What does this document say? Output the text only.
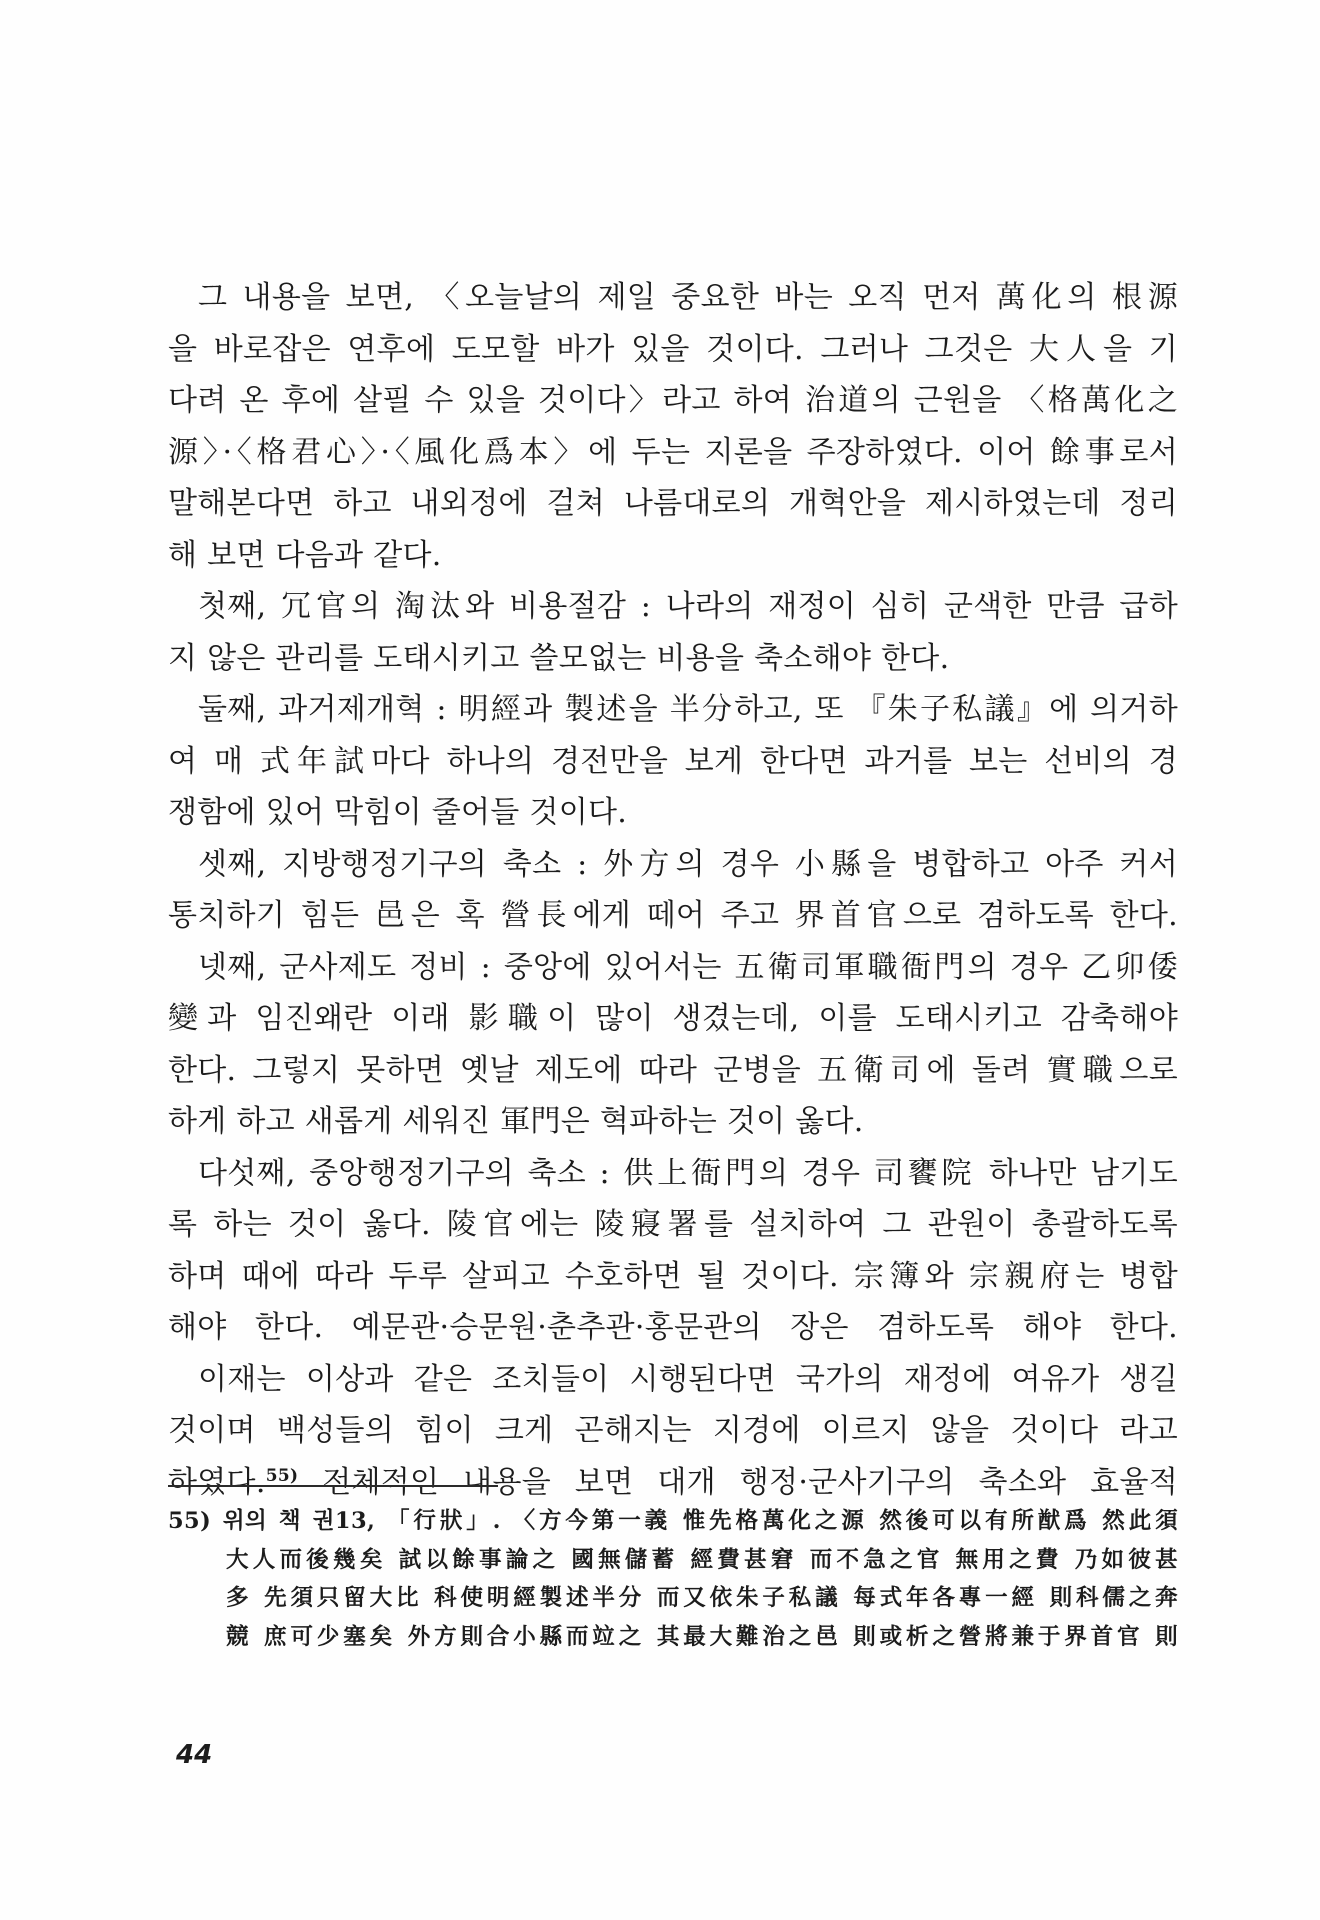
그 내용을 보면, 〈오늘날의 제일 중요한 바는 오직 먼저 萬化의 根源
을 바로잡은 연후에 도모할 바가 있을 것이다. 그러나 그것은 大人을 기
다려 온 후에 살필 수 있을 것이다〉라고 하여 治道의 근원을 〈格萬化之
源〉·〈格君心〉·〈風化爲本〉에 두는 지론을 주장하였다. 이어 餘事로서
말해본다면 하고 내외정에 걸쳐 나름대로의 개혁안을 제시하였는데 정리
해 보면 다음과 같다.
첫째, 冗官의 淘汰와 비용절감 : 나라의 재정이 심히 군색한 만큼 급하
지 않은 관리를 도태시키고 쓸모없는 비용을 축소해야 한다.
둘째, 과거제개혁 : 明經과 製述을 半分하고, 또 『朱子私議』에 의거하
여 매 式年試마다 하나의 경전만을 보게 한다면 과거를 보는 선비의 경
쟁함에 있어 막힘이 줄어들 것이다.
셋째, 지방행정기구의 축소 : 外方의 경우 小縣을 병합하고 아주 커서
통치하기 힘든 邑은 혹 營長에게 떼어 주고 界首官으로 겸하도록 한다.
넷째, 군사제도 정비 : 중앙에 있어서는 五衛司軍職衙門의 경우 乙卯倭
變과 임진왜란 이래 影職이 많이 생겼는데, 이를 도태시키고 감축해야
한다. 그렇지 못하면 옛날 제도에 따라 군병을 五衛司에 돌려 實職으로
하게 하고 새롭게 세워진 軍門은 혁파하는 것이 옳다.
다섯째, 중앙행정기구의 축소 : 供上衙門의 경우 司饔院 하나만 남기도
록 하는 것이 옳다. 陵官에는 陵寢署를 설치하여 그 관원이 총괄하도록
하며 때에 따라 두루 살피고 수호하면 될 것이다. 宗簿와 宗親府는 병합
해야 한다. 예문관·승문원·춘추관·홍문관의 장은 겸하도록 해야 한다.
이재는 이상과 같은 조치들이 시행된다면 국가의 재정에 여유가 생길
것이며 백성들의 힘이 크게 곤해지는 지경에 이르지 않을 것이다 라고
하였다.$^{55)}$ 전체적인 내용을 보면 대개 행정·군사기구의 축소와 효율적
55) 위의 책 권13, 「行狀」. 〈方今第一義 惟先格萬化之源 然後可以有所猷爲 然此須
大人而後幾矣 試以餘事論之 國無儲蓄 經費甚窘 而不急之官 無用之費 乃如彼甚
多 先須只留大比 科使明經製述半分 而又依朱子私議 每式年各專一經 則科儒之奔
競 庶可少塞矣 外方則合小縣而竝之 其最大難治之邑 則或析之營將兼于界首官 則
44
